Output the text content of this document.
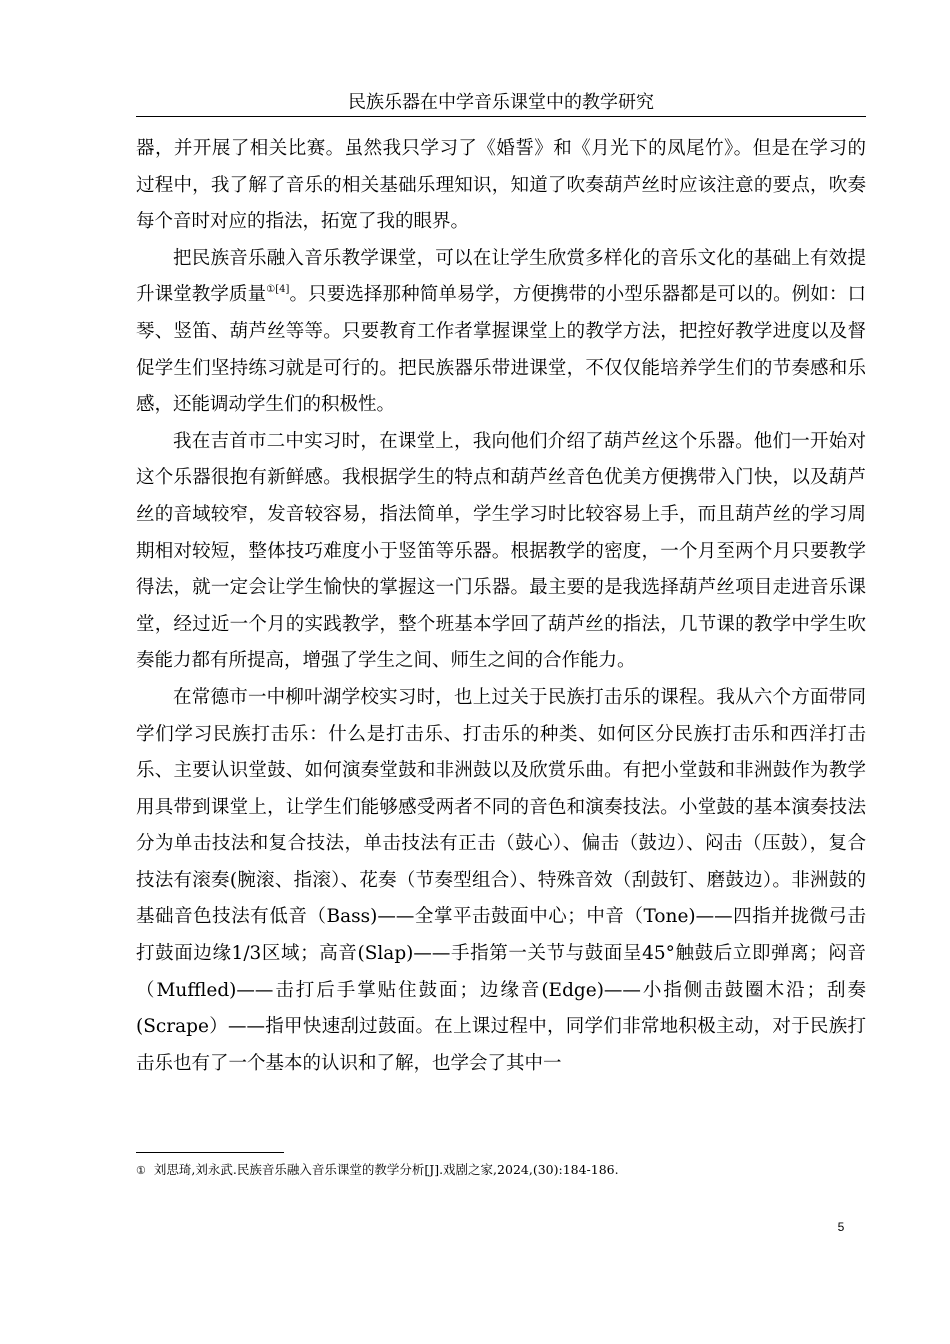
民族乐器在中学音乐课堂中的教学研究

器，并开展了相关比赛。虽然我只学习了《婚誓》和《月光下的凤尾竹》。但是在学习的过程中，我了解了音乐的相关基础乐理知识，知道了吹奏葫芦丝时应该注意的要点，吹奏每个音时对应的指法，拓宽了我的眼界。

把民族音乐融入音乐教学课堂，可以在让学生欣赏多样化的音乐文化的基础上有效提升课堂教学质量$^{①[4]}$。只要选择那种简单易学，方便携带的小型乐器都是可以的。例如：口琴、竖笛、葫芦丝等等。只要教育工作者掌握课堂上的教学方法，把控好教学进度以及督促学生们坚持练习就是可行的。把民族器乐带进课堂，不仅仅能培养学生们的节奏感和乐感，还能调动学生们的积极性。

我在吉首市二中实习时，在课堂上，我向他们介绍了葫芦丝这个乐器。他们一开始对这个乐器很抱有新鲜感。我根据学生的特点和葫芦丝音色优美方便携带入门快，以及葫芦丝的音域较窄，发音较容易，指法简单，学生学习时比较容易上手，而且葫芦丝的学习周期相对较短，整体技巧难度小于竖笛等乐器。根据教学的密度，一个月至两个月只要教学得法，就一定会让学生愉快的掌握这一门乐器。最主要的是我选择葫芦丝项目走进音乐课堂，经过近一个月的实践教学，整个班基本学回了葫芦丝的指法，几节课的教学中学生吹奏能力都有所提高，增强了学生之间、师生之间的合作能力。

在常德市一中柳叶湖学校实习时，也上过关于民族打击乐的课程。我从六个方面带同学们学习民族打击乐：什么是打击乐、打击乐的种类、如何区分民族打击乐和西洋打击乐、主要认识堂鼓、如何演奏堂鼓和非洲鼓以及欣赏乐曲。有把小堂鼓和非洲鼓作为教学用具带到课堂上，让学生们能够感受两者不同的音色和演奏技法。小堂鼓的基本演奏技法分为单击技法和复合技法，单击技法有正击（鼓心）、偏击（鼓边）、闷击（压鼓），复合技法有滚奏(腕滚、指滚）、花奏（节奏型组合）、特殊音效（刮鼓钉、磨鼓边）。非洲鼓的基础音色技法有低音（Bass)——全掌平击鼓面中心；中音（Tone)——四指并拢微弓击打鼓面边缘1/3区域；高音(Slap)——手指第一关节与鼓面呈45°触鼓后立即弹离；闷音（Muffled)——击打后手掌贴住鼓面；边缘音(Edge)——小指侧击鼓圈木沿；刮奏(Scrape）——指甲快速刮过鼓面。在上课过程中，同学们非常地积极主动，对于民族打击乐也有了一个基本的认识和了解，也学会了其中一

① 刘思琦,刘永武.民族音乐融入音乐课堂的教学分析[J].戏剧之家,2024,(30):184-186.
5
